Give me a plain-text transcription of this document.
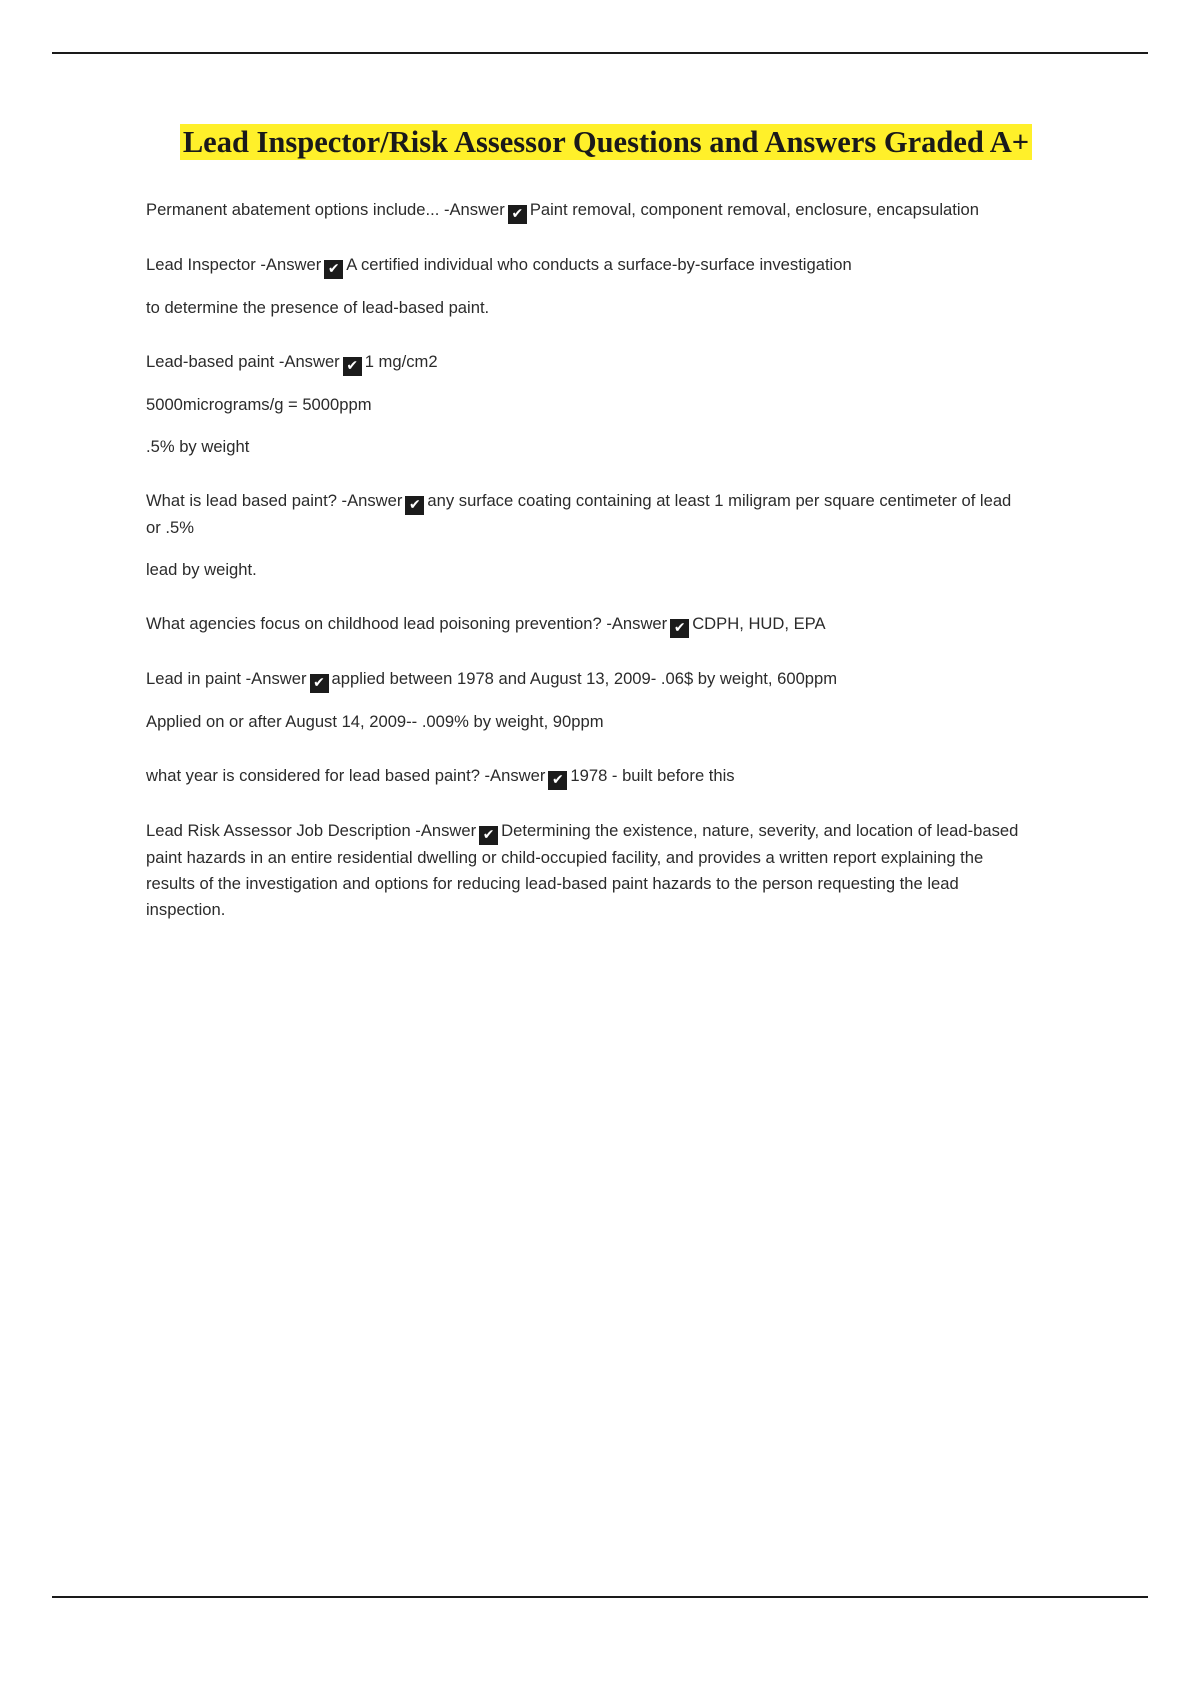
Lead Inspector/Risk Assessor Questions and Answers Graded A+

Permanent abatement options include... -Answer ✔ Paint removal, component removal, enclosure, encapsulation

Lead Inspector -Answer ✔ A certified individual who conducts a surface-by-surface investigation

to determine the presence of lead-based paint.

Lead-based paint -Answer ✔ 1 mg/cm2

5000micrograms/g = 5000ppm

.5% by weight

What is lead based paint? -Answer ✔ any surface coating containing at least 1 miligram per square centimeter of lead or .5%

lead by weight.

What agencies focus on childhood lead poisoning prevention? -Answer ✔ CDPH, HUD, EPA

Lead in paint -Answer ✔ applied between 1978 and August 13, 2009- .06$ by weight, 600ppm

Applied on or after August 14, 2009-- .009% by weight, 90ppm

what year is considered for lead based paint? -Answer ✔ 1978 - built before this

Lead Risk Assessor Job Description -Answer ✔ Determining the existence, nature, severity, and location of lead-based paint hazards in an entire residential dwelling or child-occupied facility, and provides a written report explaining the results of the investigation and options for reducing lead-based paint hazards to the person requesting the lead inspection.
